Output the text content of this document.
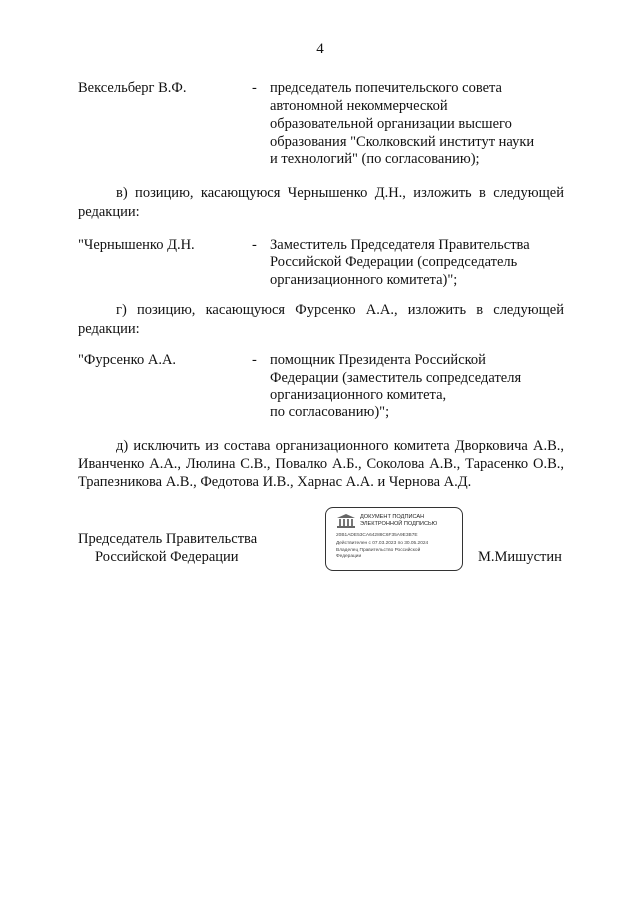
4
Вексельберг В.Ф.	- председатель попечительского совета
автономной некоммерческой
образовательной организации высшего
образования "Сколковский институт науки
и технологий" (по согласованию);
в) позицию, касающуюся Чернышенко Д.Н., изложить в следующей
редакции:
"Чернышенко Д.Н.	- Заместитель Председателя Правительства
Российской Федерации (сопредседатель
организационного комитета)";
г) позицию, касающуюся Фурсенко А.А., изложить в следующей
редакции:
"Фурсенко А.А.	- помощник Президента Российской
Федерации (заместитель сопредседателя
организационного комитета,
по согласованию)";
д) исключить из состава организационного комитета Дворковича А.В.,
Иванченко А.А., Люлина С.В., Повалко А.Б., Соколова А.В., Тарасенко О.В.,
Трапезникова А.В., Федотова И.В., Харнас А.А. и Чернова А.Д.
Председатель Правительства
Российской Федерации	М.Мишустин
ДОКУМЕНТ ПОДПИСАН
ЭЛЕКТРОННОЙ ПОДПИСЬЮ
20B1ADE53CA64288C6F35A9E3B7E
Действителен с 07.03.2023 по 30.05.2024
Владелец Правительство Российской
Федерации
